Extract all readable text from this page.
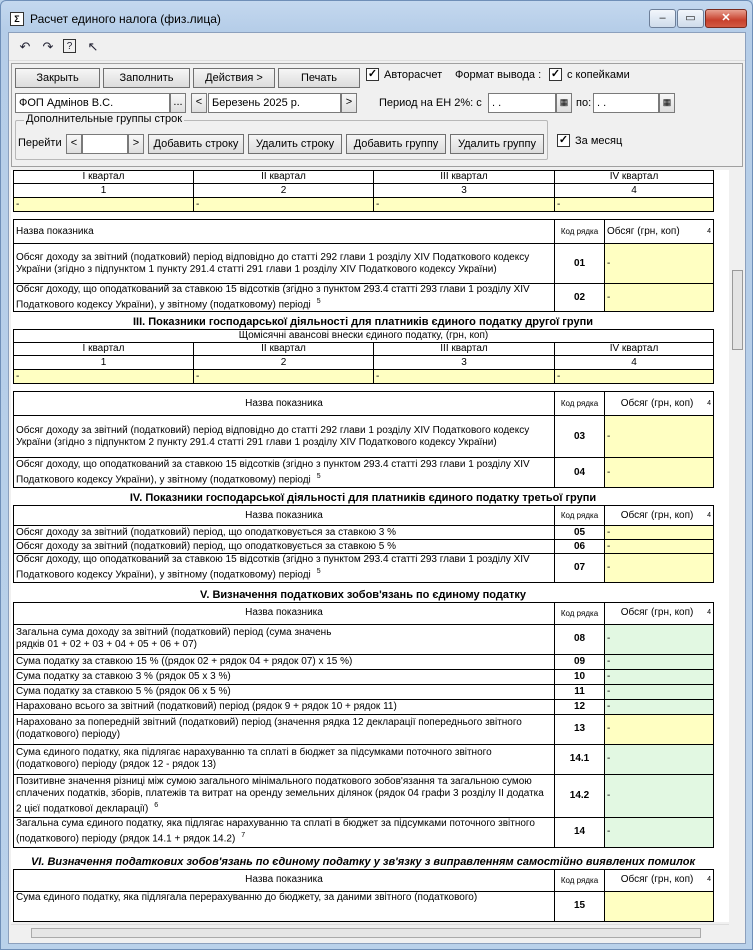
Σ Расчет единого налога (физ.лица)	–	▭	✕
↶ ↷	? ↖
Закрыть	Заполнить	Действия >	Печать	✓ Авторасчет Формат вывода : ✓ с копейками
ФОП Адмінов В.С.	...	< Березень 2025 р.	>	Период на ЕН 2%: с . .	▦ по: . .	▦
Дополнительные группы строк
Перейти <	>	Добавить строку	Удалить строку	Добавить группу	Удалить группу	✓ За месяц
I квартал	II квартал	III квартал	IV квартал
1	2	3	4
-	-	-	-
Назва показника	Код рядка	Обсяг (грн, коп) 4

Обсяг доходу за звітний (податковий) період відповідно до статті 292 глави 1 розділу XIV Податкового кодексу України (згідно з підпунктом 1 пункту 291.4 статті 291 глави 1 розділу XIV Податкового кодексу України)	01	-
Обсяг доходу, що оподаткований за ставкою 15 відсотків (згідно з пунктом 293.4 статті 293 глави 1 розділу XIV Податкового кодексу України), у звітному (податковому) періоді $^5$	02	-
III. Показники господарської діяльності для платників єдиного податку другої групи
Щомісячні авансові внески єдиного податку, (грн, коп)			
I квартал	II квартал	III квартал	IV квартал
1	2	3	4
-	-	-	-
Назва показника	Код рядка	Обсяг (грн, коп) 4

Обсяг доходу за звітний (податковий) період відповідно до статті 292 глави 1 розділу XIV Податкового кодексу України (згідно з підпунктом 2 пункту 291.4 статті 291 глави 1 розділу XIV Податкового кодексу України)	03	-
Обсяг доходу, що оподаткований за ставкою 15 відсотків (згідно з пунктом 293.4 статті 293 глави 1 розділу XIV Податкового кодексу України), у звітному (податковому) періоді $^5$	04	-
IV. Показники господарської діяльності для платників єдиного податку третьої групи
Назва показника	Код рядка	Обсяг (грн, коп) 4

Обсяг доходу за звітний (податковий) період, що оподатковується за ставкою 3 %	05	-
Обсяг доходу за звітний (податковий) період, що оподатковується за ставкою 5 %	06	-
Обсяг доходу, що оподаткований за ставкою 15 відсотків (згідно з пунктом 293.4 статті 293 глави 1 розділу XIV Податкового кодексу України), у звітному (податковому) періоді $^5$	07	-
V. Визначення податкових зобов'язань по єдиному податку
Назва показника	Код рядка	Обсяг (грн, коп) 4

Загальна сума доходу за звітний (податковий) період (сума значень
рядків 01 + 02 + 03 + 04 + 05 + 06 + 07)	08	-
Сума податку за ставкою 15 % ((рядок 02 + рядок 04 + рядок 07) x 15 %)	09	-
Сума податку за ставкою 3 % (рядок 05 x 3 %)	10	-
Сума податку за ставкою 5 % (рядок 06 x 5 %)	11	-
Нараховано всього за звітний (податковий) період (рядок 9 + рядок 10 + рядок 11)	12	-
Нараховано за попередній звітний (податковий) період (значення рядка 12 декларації попереднього звітного (податкового) періоду)	13	-
Сума єдиного податку, яка підлягає нарахуванню та сплаті в бюджет за підсумками поточного звітного (податкового) періоду (рядок 12 - рядок 13)	14.1	-
Позитивне значення різниці між сумою загального мінімального податкового зобов'язання та загальною сумою сплачених податків, зборів, платежів та витрат на оренду земельних ділянок (рядок 04 графи 3 розділу II додатка 2 цієї податкової декларації) $^6$	14.2	-
Загальна сума єдиного податку, яка підлягає нарахуванню та сплаті в бюджет за підсумками поточного звітного (податкового) періоду (рядок 14.1 + рядок 14.2) $^7$	14	-
VI. Визначення податкових зобов'язань по єдиному податку у зв'язку з виправленням самостійно виявлених помилок
Назва показника	Код рядка	Обсяг (грн, коп) 4

Сума єдиного податку, яка підлягала перерахуванню до бюджету, за даними звітного (податкового)	15	
